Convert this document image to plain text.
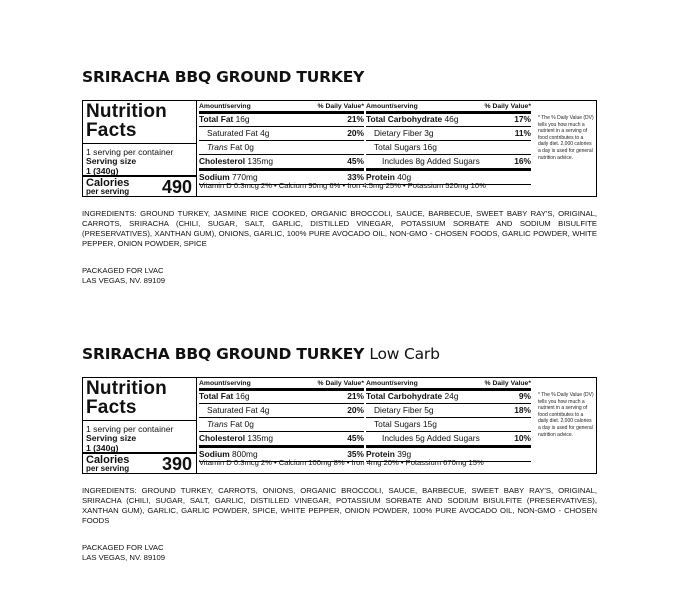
SRIRACHA BBQ GROUND TURKEY
Nutrition
Facts
1 serving per container
Serving size
1 (340g)
Calories
per serving 490
Amount/serving	% Daily Value*
Total Fat 16g	21%
Saturated Fat 4g	20%
Trans Fat 0g
Cholesterol 135mg	45%
Sodium 770mg	33%
Amount/serving	% Daily Value*
Total Carbohydrate 46g	17%
Dietary Fiber 3g	11%
Total Sugars 16g
Includes 8g Added Sugars	16%
Protein 40g
Vitamin D 0.3mcg 2% • Calcium 90mg 6% • Iron 4.5mg 25% • Potassium 520mg 10%
* The % Daily Value (DV) tells you how much a nutrient in a serving of food contributes to a daily diet. 2,000 calories a day is used for general nutrition advice.
INGREDIENTS: GROUND TURKEY, JASMINE RICE COOKED, ORGANIC BROCCOLI, SAUCE, BARBECUE, SWEET BABY RAY'S, ORIGINAL, CARROTS, SRIRACHA (CHILI, SUGAR, SALT, GARLIC, DISTILLED VINEGAR, POTASSIUM SORBATE AND SODIUM BISULFITE (PRESERVATIVES), XANTHAN GUM), ONIONS, GARLIC, 100% PURE AVOCADO OIL, NON-GMO - CHOSEN FOODS, GARLIC POWDER, WHITE PEPPER, ONION POWDER, SPICE
PACKAGED FOR LVAC
LAS VEGAS, NV. 89109
SRIRACHA BBQ GROUND TURKEY Low Carb
Nutrition
Facts
1 serving per container
Serving size
1 (340g)
Calories
per serving 390
Amount/serving	% Daily Value*
Total Fat 16g	21%
Saturated Fat 4g	20%
Trans Fat 0g
Cholesterol 135mg	45%
Sodium 800mg	35%
Amount/serving	% Daily Value*
Total Carbohydrate 24g	9%
Dietary Fiber 5g	18%
Total Sugars 15g
Includes 5g Added Sugars	10%
Protein 39g
Vitamin D 0.3mcg 2% • Calcium 100mg 8% • Iron 4mg 20% • Potassium 670mg 15%
* The % Daily Value (DV) tells you how much a nutrient in a serving of food contributes to a daily diet. 2,000 calories a day is used for general nutrition advice.
INGREDIENTS: GROUND TURKEY, CARROTS, ONIONS, ORGANIC BROCCOLI, SAUCE, BARBECUE, SWEET BABY RAY'S, ORIGINAL, SRIRACHA (CHILI, SUGAR, SALT, GARLIC, DISTILLED VINEGAR, POTASSIUM SORBATE AND SODIUM BISULFITE (PRESERVATIVES), XANTHAN GUM), GARLIC, GARLIC POWDER, SPICE, WHITE PEPPER, ONION POWDER, 100% PURE AVOCADO OIL, NON-GMO - CHOSEN FOODS
PACKAGED FOR LVAC
LAS VEGAS, NV. 89109
